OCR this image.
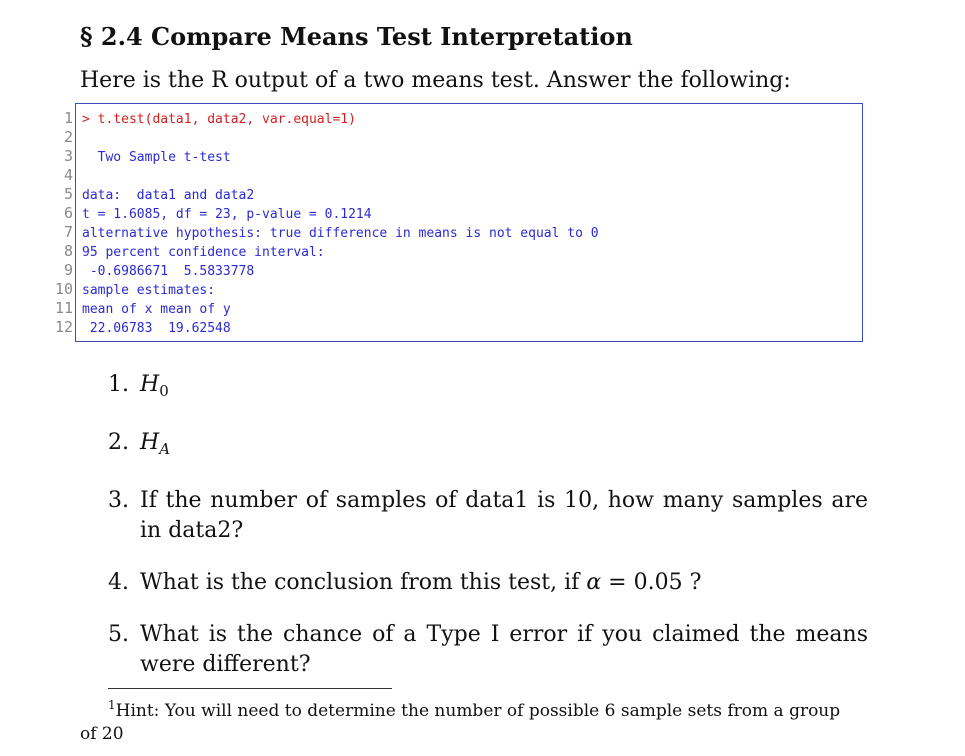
§ 2.4 Compare Means Test Interpretation
Here is the R output of a two means test. Answer the following:
1
2
3
4
5
6
7
8
9
10
11
12
> t.test(data1, data2, var.equal=1)
Two Sample t-test
data:  data1 and data2
t = 1.6085, df = 23, p-value = 0.1214
alternative hypothesis: true difference in means is not equal to 0
95 percent confidence interval:
-0.6986671  5.5833778
sample estimates:
mean of x mean of y
22.06783  19.62548
1. $H_0$
2. $H_A$
3. If the number of samples of data1 is 10, how many samples are in data2?
4. What is the conclusion from this test, if α = 0.05 ?
5. What is the chance of a Type I error if you claimed the means were different?
$^1$Hint: You will need to determine the number of possible 6 sample sets from a group of 20
